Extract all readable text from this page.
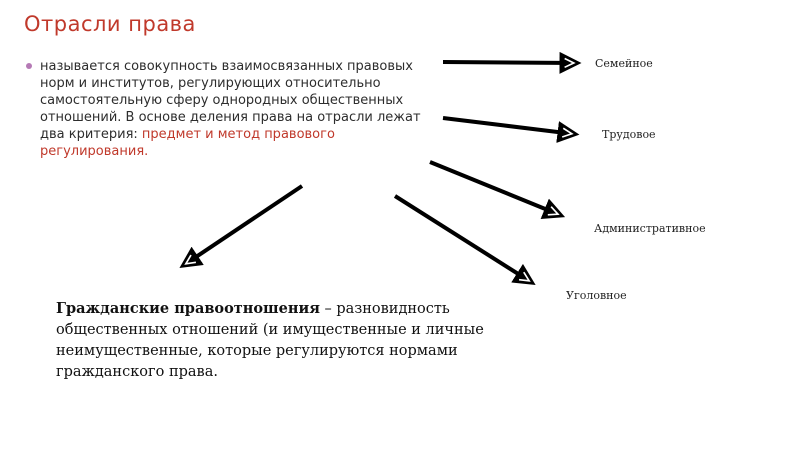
Отрасли права
называется совокупность взаимосвязанных правовых норм и институтов, регулирующих относительно самостоятельную сферу однородных общественных отношений. В основе деления права на отрасли лежат два критерия: предмет и метод правового регулирования.
Семейное
Трудовое
Административное
Уголовное
Гражданские правоотношения – разновидность общественных отношений (и имущественные и личные неимущественные, которые регулируются нормами гражданского права.
